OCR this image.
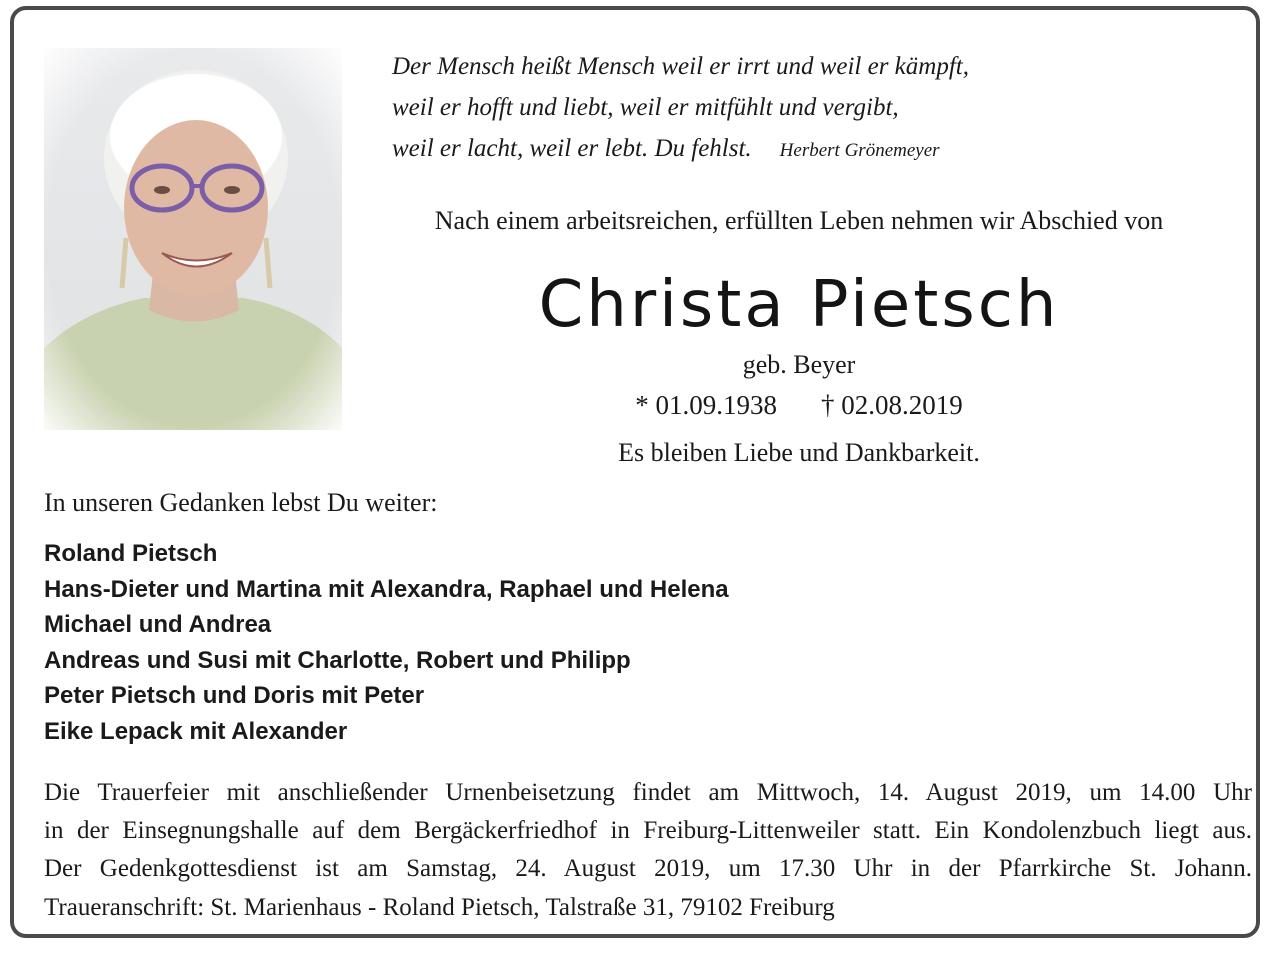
Der Mensch heißt Mensch weil er irrt und weil er kämpft,
weil er hofft und liebt, weil er mitfühlt und vergibt,
weil er lacht, weil er lebt. Du fehlst. Herbert Grönemeyer
Nach einem arbeitsreichen, erfüllten Leben nehmen wir Abschied von
Christa Pietsch
geb. Beyer
* 01.09.1938 † 02.08.2019
Es bleiben Liebe und Dankbarkeit.
In unseren Gedanken lebst Du weiter:
Roland Pietsch
Hans-Dieter und Martina mit Alexandra, Raphael und Helena
Michael und Andrea
Andreas und Susi mit Charlotte, Robert und Philipp
Peter Pietsch und Doris mit Peter
Eike Lepack mit Alexander
Die Trauerfeier mit anschließender Urnenbeisetzung findet am Mittwoch, 14. August 2019, um 14.00 Uhr
in der Einsegnungshalle auf dem Bergäckerfriedhof in Freiburg-Littenweiler statt. Ein Kondolenzbuch liegt aus.
Der Gedenkgottesdienst ist am Samstag, 24. August 2019, um 17.30 Uhr in der Pfarrkirche St. Johann.
Traueranschrift: St. Marienhaus - Roland Pietsch, Talstraße 31, 79102 Freiburg
